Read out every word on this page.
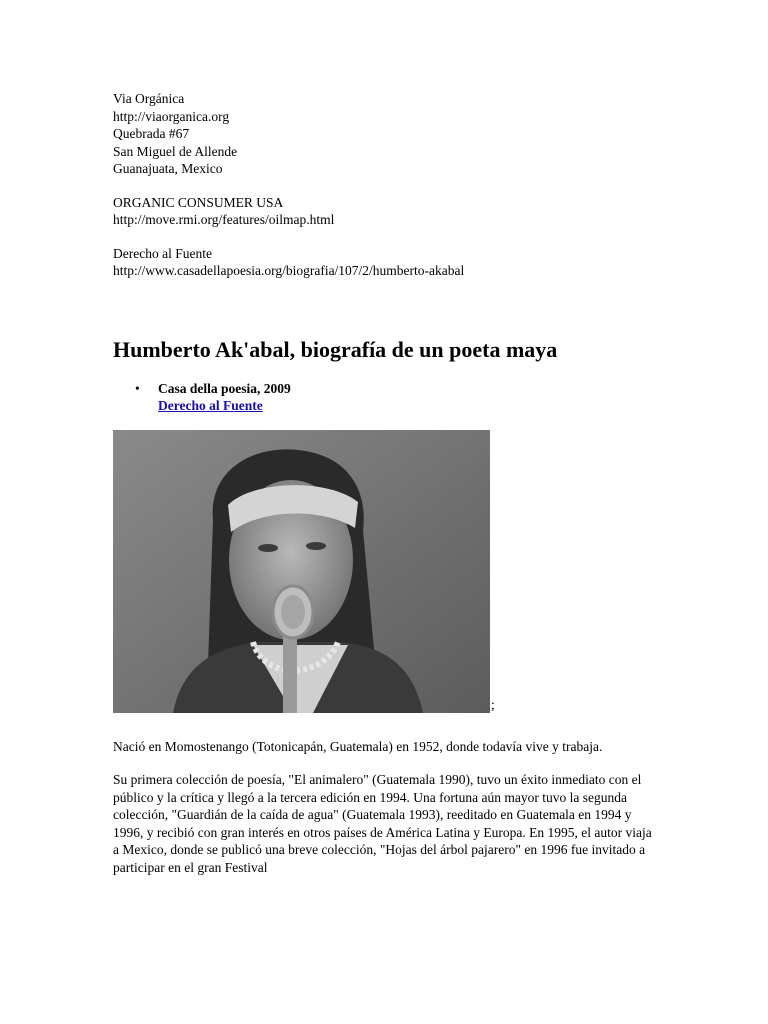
Via Orgánica

http://viaorganica.org

Quebrada #67

San Miguel de Allende

Guanajuata, Mexico

ORGANIC CONSUMER USA

http://move.rmi.org/features/oilmap.html

Derecho al Fuente

http://www.casadellapoesia.org/biografia/107/2/humberto-akabal

Humberto Ak'abal, biografía de un poeta maya
• Casa della poesia, 2009
Derecho al Fuente
;

Nació en Momostenango (Totonicapán, Guatemala) en 1952, donde todavía vive y trabaja.

Su primera colección de poesía, "El animalero" (Guatemala 1990), tuvo un éxito inmediato con el público y la crítica y llegó a la tercera edición en 1994. Una fortuna aún mayor tuvo la segunda colección, "Guardián de la caída de agua" (Guatemala 1993), reeditado en Guatemala en 1994 y 1996, y recibió con gran interés en otros países de América Latina y Europa. En 1995, el autor viaja a Mexico, donde se publicó una breve colección, "Hojas del árbol pajarero" en 1996 fue invitado a participar en el gran Festival
